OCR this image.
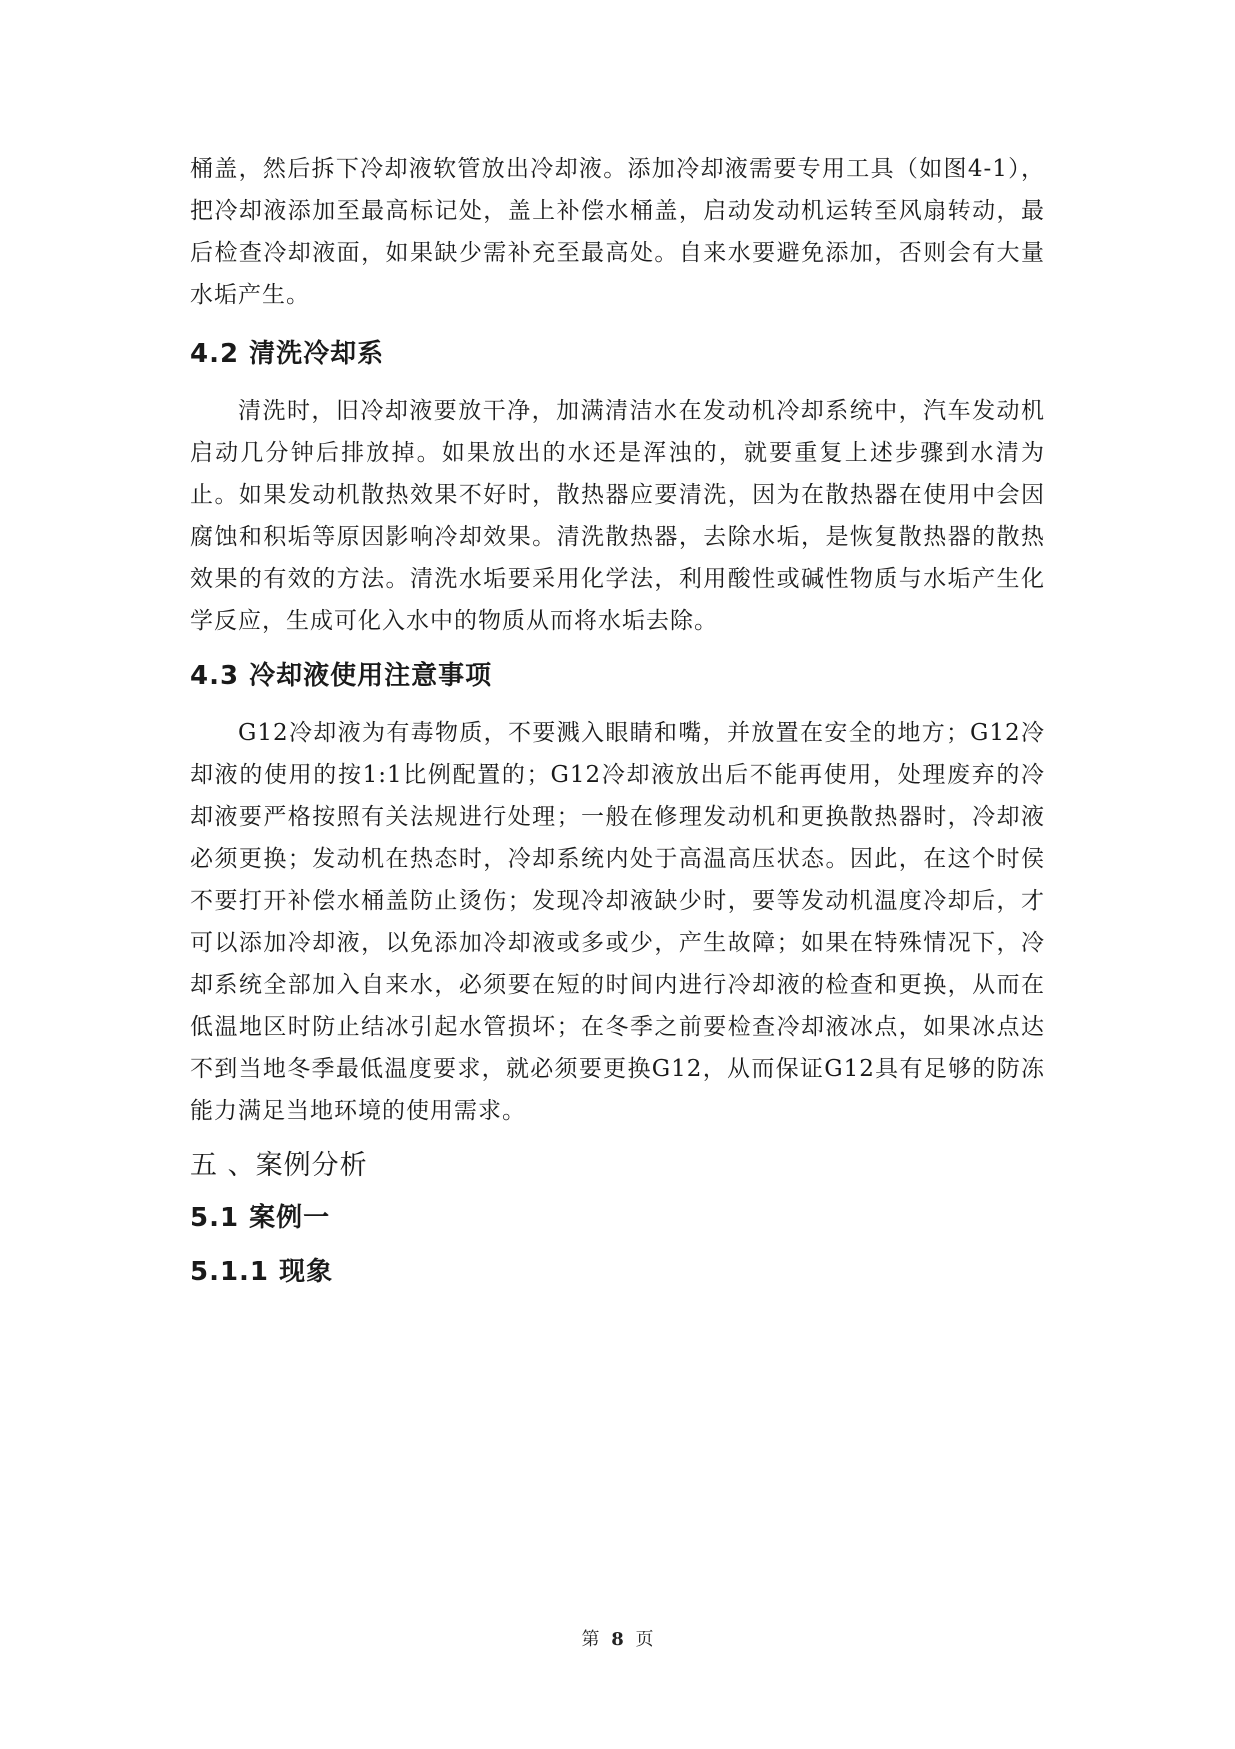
桶盖，然后拆下冷却液软管放出冷却液。添加冷却液需要专用工具（如图4-1），把冷却液添加至最高标记处，盖上补偿水桶盖，启动发动机运转至风扇转动，最后检查冷却液面，如果缺少需补充至最高处。自来水要避免添加，否则会有大量水垢产生。

4.2 清洗冷却系

清洗时，旧冷却液要放干净，加满清洁水在发动机冷却系统中，汽车发动机启动几分钟后排放掉。如果放出的水还是浑浊的，就要重复上述步骤到水清为止。如果发动机散热效果不好时，散热器应要清洗，因为在散热器在使用中会因腐蚀和积垢等原因影响冷却效果。清洗散热器，去除水垢，是恢复散热器的散热效果的有效的方法。清洗水垢要采用化学法，利用酸性或碱性物质与水垢产生化学反应，生成可化入水中的物质从而将水垢去除。

4.3 冷却液使用注意事项

G12冷却液为有毒物质，不要溅入眼睛和嘴，并放置在安全的地方；G12冷却液的使用的按1:1比例配置的；G12冷却液放出后不能再使用，处理废弃的冷却液要严格按照有关法规进行处理；一般在修理发动机和更换散热器时，冷却液必须更换；发动机在热态时，冷却系统内处于高温高压状态。因此，在这个时侯不要打开补偿水桶盖防止烫伤；发现冷却液缺少时，要等发动机温度冷却后，才可以添加冷却液，以免添加冷却液或多或少，产生故障；如果在特殊情况下，冷却系统全部加入自来水，必须要在短的时间内进行冷却液的检查和更换，从而在低温地区时防止结冰引起水管损坏；在冬季之前要检查冷却液冰点，如果冰点达不到当地冬季最低温度要求，就必须要更换G12，从而保证G12具有足够的防冻能力满足当地环境的使用需求。

五 、案例分析
5.1 案例一
5.1.1 现象
第 8 页
